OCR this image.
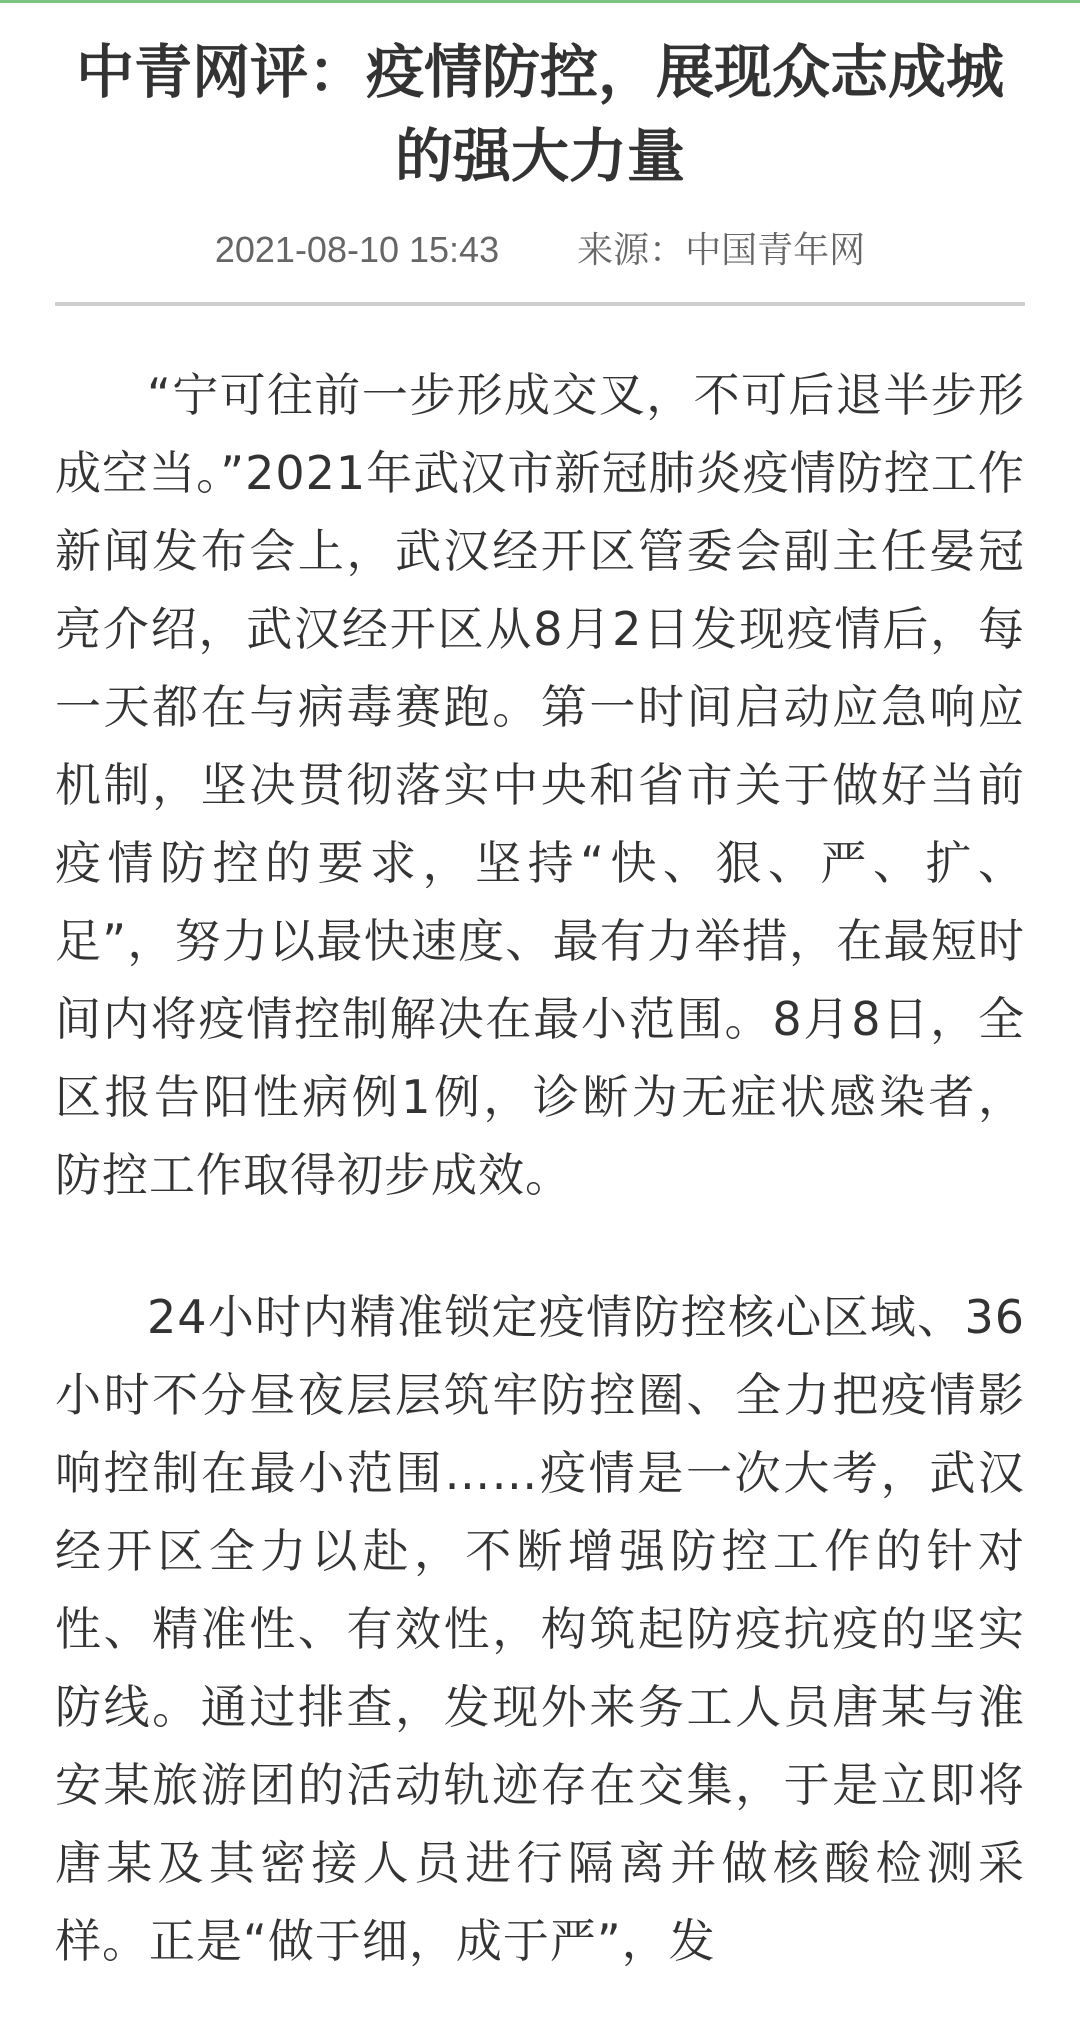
中青网评：疫情防控，展现众志成城的强大力量
2021-08-10 15:43 来源：中国青年网

“宁可往前一步形成交叉，不可后退半步形成空当。”2021年武汉市新冠肺炎疫情防控工作新闻发布会上，武汉经开区管委会副主任晏冠亮介绍，武汉经开区从8月2日发现疫情后，每一天都在与病毒赛跑。第一时间启动应急响应机制，坚决贯彻落实中央和省市关于做好当前疫情防控的要求，坚持“快、狠、严、扩、足”，努力以最快速度、最有力举措，在最短时间内将疫情控制解决在最小范围。8月8日，全区报告阳性病例1例，诊断为无症状感染者，防控工作取得初步成效。

24小时内精准锁定疫情防控核心区域、36小时不分昼夜层层筑牢防控圈、全力把疫情影响控制在最小范围……疫情是一次大考，武汉经开区全力以赴，不断增强防控工作的针对性、精准性、有效性，构筑起防疫抗疫的坚实防线。通过排查，发现外来务工人员唐某与淮安某旅游团的活动轨迹存在交集，于是立即将唐某及其密接人员进行隔离并做核酸检测采样。正是“做于细，成于严”，发
